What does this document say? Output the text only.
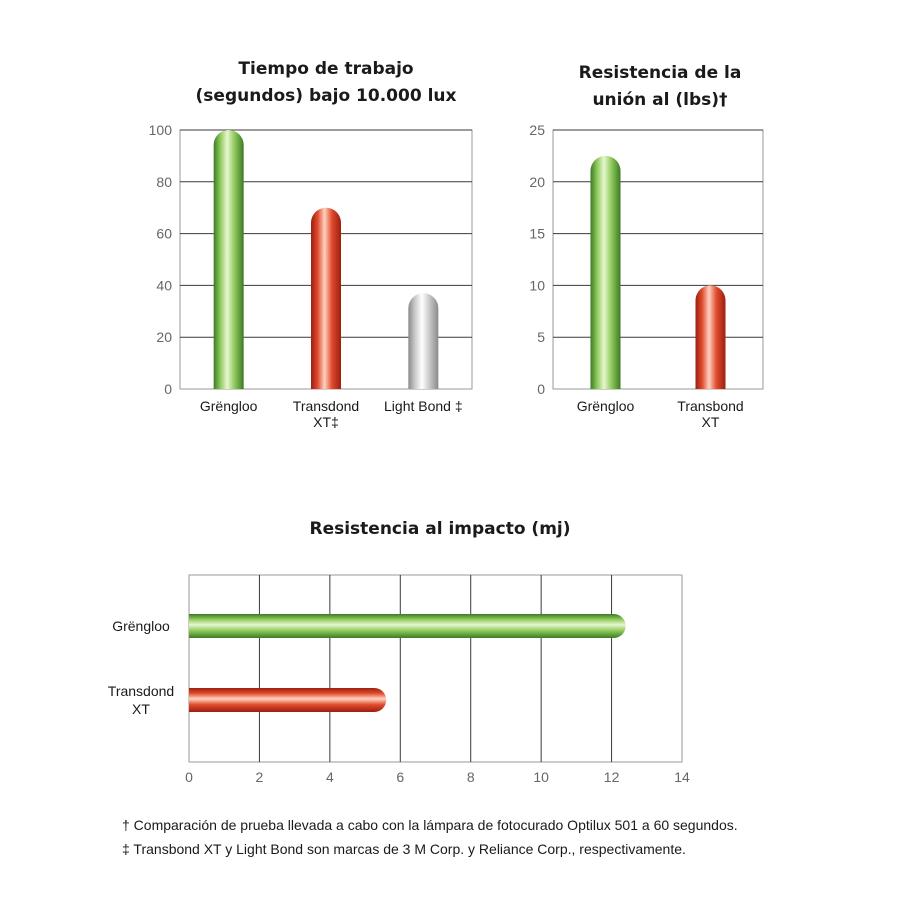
Tiempo de trabajo
(segundos) bajo 10.000 lux
Resistencia de la
unión al (lbs)†
Resistencia al impacto (mj)
0
20
40
60
80
100
Grëngloo	Transdond
XT‡
Light Bond ‡
0
5
10
15
20
25
Grëngloo	Transbond
XT
0	2	4	6	8	10	12	14
Grëngloo
Transdond
XT
† Comparación de prueba llevada a cabo con la lámpara de fotocurado Optilux 501 a 60 segundos.
‡ Transbond XT y Light Bond son marcas de 3 M Corp. y Reliance Corp., respectivamente.
